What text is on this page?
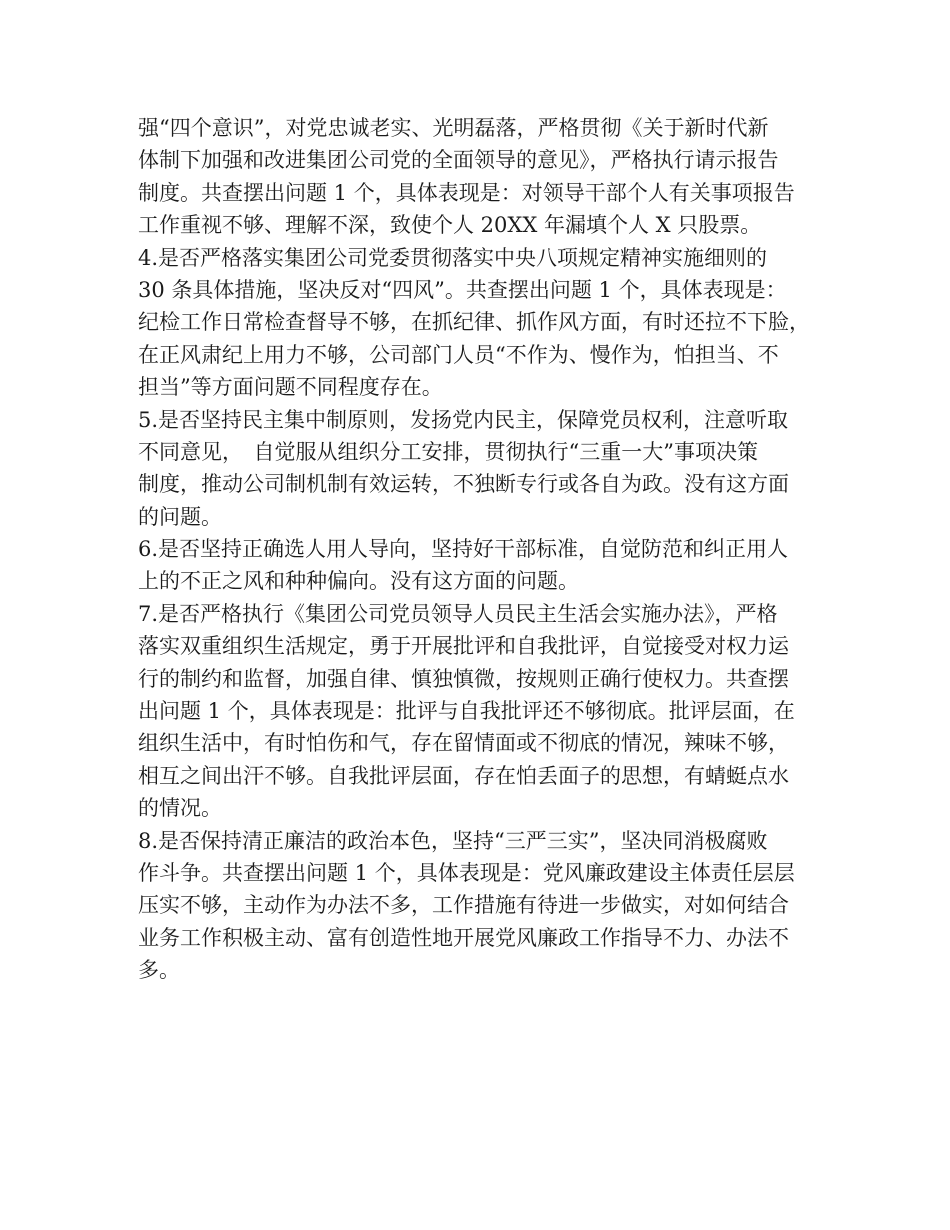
强“四个意识”，对党忠诚老实、光明磊落，严格贯彻《关于新时代新
体制下加强和改进集团公司党的全面领导的意见》，严格执行请示报告
制度。共查摆出问题 1 个，具体表现是：对领导干部个人有关事项报告
工作重视不够、理解不深，致使个人 20XX 年漏填个人 X 只股票。
4.是否严格落实集团公司党委贯彻落实中央八项规定精神实施细则的
30 条具体措施，坚决反对“四风”。共查摆出问题 1 个，具体表现是：
纪检工作日常检查督导不够，在抓纪律、抓作风方面，有时还拉不下脸，
在正风肃纪上用力不够，公司部门人员“不作为、慢作为，怕担当、不
担当”等方面问题不同程度存在。
5.是否坚持民主集中制原则，发扬党内民主，保障党员权利，注意听取
不同意见，　自觉服从组织分工安排，贯彻执行“三重一大”事项决策
制度，推动公司制机制有效运转，不独断专行或各自为政。没有这方面
的问题。
6.是否坚持正确选人用人导向，坚持好干部标准，自觉防范和纠正用人
上的不正之风和种种偏向。没有这方面的问题。
7.是否严格执行《集团公司党员领导人员民主生活会实施办法》，严格
落实双重组织生活规定，勇于开展批评和自我批评，自觉接受对权力运
行的制约和监督，加强自律、慎独慎微，按规则正确行使权力。共查摆
出问题 1 个，具体表现是：批评与自我批评还不够彻底。批评层面，在
组织生活中，有时怕伤和气，存在留情面或不彻底的情况，辣味不够，
相互之间出汗不够。自我批评层面，存在怕丢面子的思想，有蜻蜓点水
的情况。
8.是否保持清正廉洁的政治本色，坚持“三严三实”，坚决同消极腐败
作斗争。共查摆出问题 1 个，具体表现是：党风廉政建设主体责任层层
压实不够，主动作为办法不多，工作措施有待进一步做实，对如何结合
业务工作积极主动、富有创造性地开展党风廉政工作指导不力、办法不
多。
